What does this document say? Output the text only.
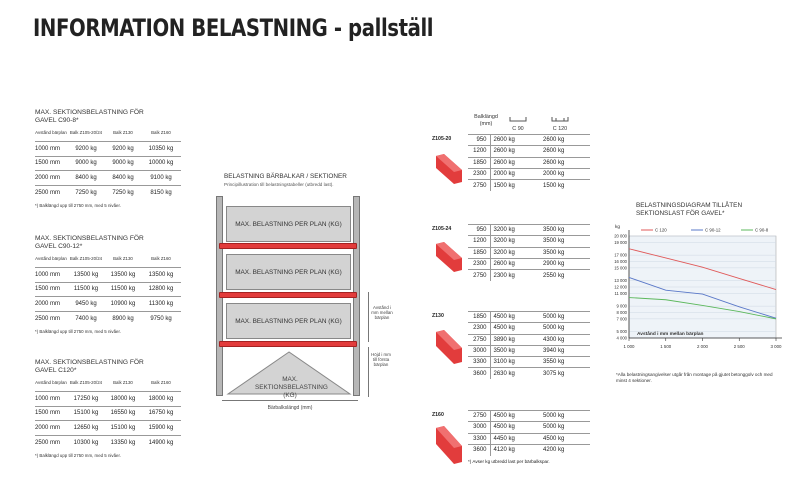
INFORMATION BELASTNING - pallställ
MAX. SEKTIONSBELASTNING FÖR GAVEL C90-8*
Avstånd bärplan	Balk Z105-20/24	Balk Z130	Balk Z160
1000 mm	9200 kg	9200 kg	10350 kg
1500 mm	9000 kg	9000 kg	10000 kg
2000 mm	8400 kg	8400 kg	9100 kg
2500 mm	7250 kg	7250 kg	8150 kg
*) Balklängd upp till 2750 mm, med 5 nivåer.
MAX. SEKTIONSBELASTNING FÖR GAVEL C90-12*
Avstånd bärplan	Balk Z105-20/24	Balk Z130	Balk Z160
1000 mm	13500 kg	13500 kg	13500 kg
1500 mm	11500 kg	11500 kg	12800 kg
2000 mm	9450 kg	10900 kg	11300 kg
2500 mm	7400 kg	8900 kg	9750 kg
*) Balklängd upp till 2750 mm, med 5 nivåer.
MAX. SEKTIONSBELASTNING FÖR GAVEL C120*
Avstånd bärplan	Balk Z105-20/24	Balk Z130	Balk Z160
1000 mm	17250 kg	18000 kg	18000 kg
1500 mm	15100 kg	16550 kg	16750 kg
2000 mm	12650 kg	15100 kg	15900 kg
2500 mm	10300 kg	13350 kg	14900 kg
*) Balklängd upp till 2750 mm, med 5 nivåer.
BELASTNING BÄRBALKAR / SEKTIONER
Principillustration till belastningstabeller (utbredd last).
MAX. BELASTNING PER PLAN (KG)
MAX. BELASTNING PER PLAN (KG)
MAX. BELASTNING PER PLAN (KG)
MAX. SEKTIONSBELASTNING (KG)
Avstånd i mm mellan bärplan
Höjd i mm till första bärplan
Bärbalkslängd (mm)
Balklängd (mm)
C 90	C 120
Z105-20	950	2600 kg	2600 kg
1200	2600 kg	2600 kg
1850	2600 kg	2600 kg
2300	2000 kg	2000 kg
2750	1500 kg	1500 kg
Z105-24	950	3200 kg	3500 kg
1200	3200 kg	3500 kg
1850	3200 kg	3500 kg
2300	2600 kg	2900 kg
2750	2300 kg	2550 kg
Z130	1850	4500 kg	5000 kg
2300	4500 kg	5000 kg
2750	3890 kg	4300 kg
3000	3500 kg	3940 kg
3300	3100 kg	3550 kg
3600	2630 kg	3075 kg
Z160	2750	4500 kg	5000 kg
3000	4500 kg	5000 kg
3300	4450 kg	4500 kg
3600	4120 kg	4200 kg
*) Avser kg utbredd last per bärbalkspar.
BELASTNINGSDIAGRAM TILLÅTEN SEKTIONSLAST FÖR GAVEL*
4 000
5 000
7 000
8 000
9 000
11 000
12 000
13 000
15 000
16 000
17 000
19 000
20 000
1 000	1 500	2 000	2 500	3 000
kg
Avstånd i mm mellan bärplan
C 120	C 90-12	C 90-8
*Alla belastningsangivelser utgår från montage på gjutet betonggolv och med minst 4 sektioner.
